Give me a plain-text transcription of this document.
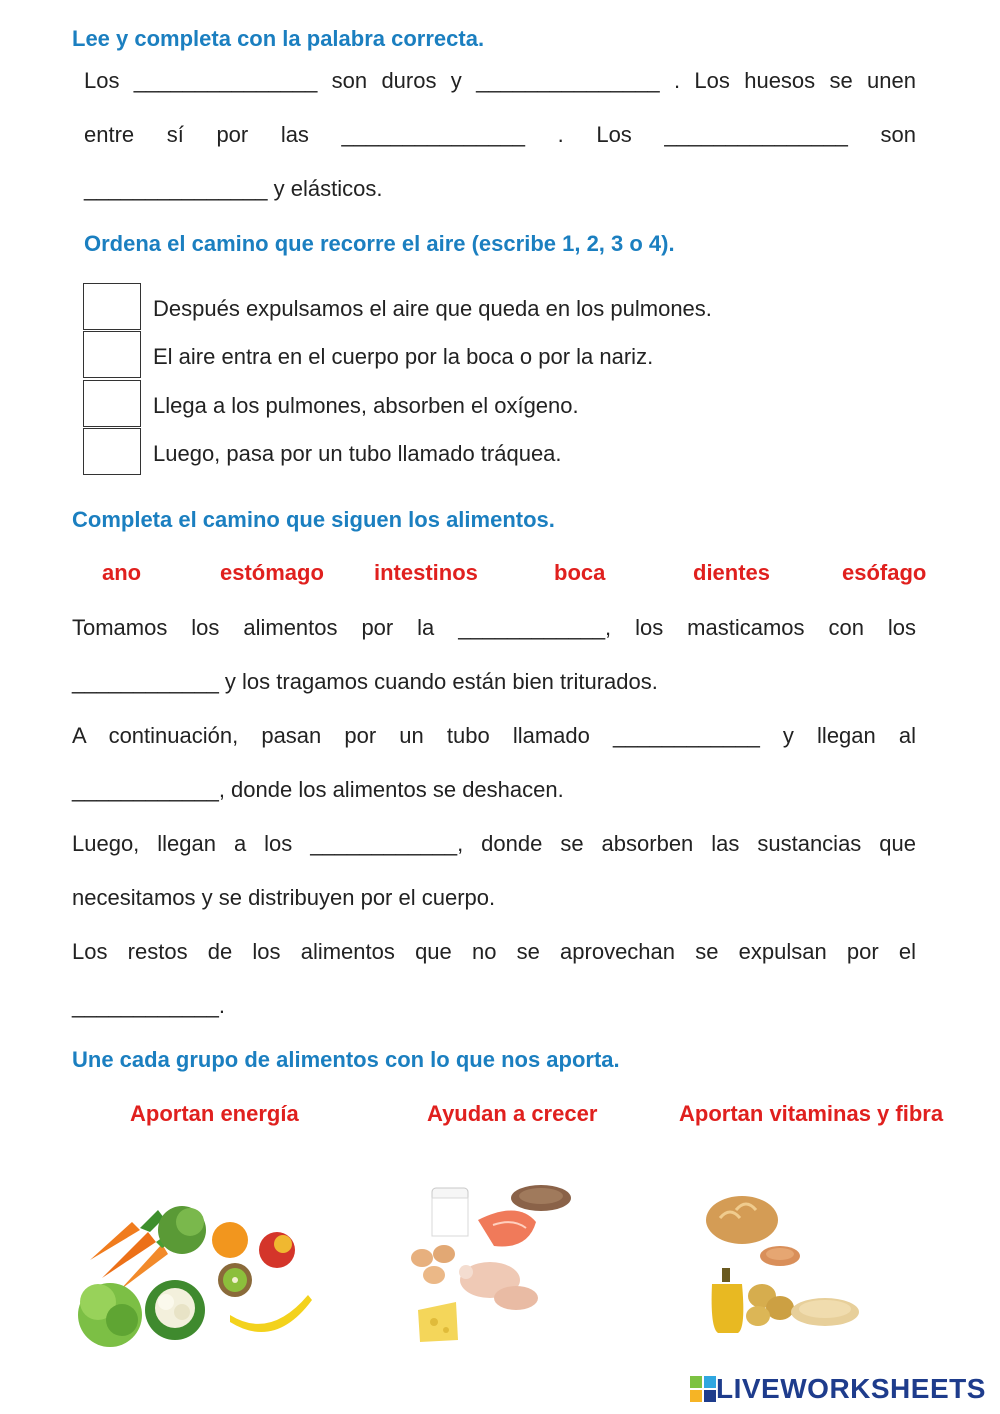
Lee y completa con la palabra correcta.
Los _______________ son duros y _______________ . Los huesos se unen
entre sí por las _______________ . Los _______________ son
_______________ y elásticos.
Ordena el camino que recorre el aire (escribe 1, 2, 3 o 4).
Después expulsamos el aire que queda en los pulmones.
El aire entra en el cuerpo por la boca o por la nariz.
Llega a los pulmones, absorben el oxígeno.
Luego, pasa por un tubo llamado tráquea.
Completa el camino que siguen los alimentos.
ano	estómago intestinos	boca	dientes	esófago
Tomamos los alimentos por la ____________, los masticamos con los
____________ y los tragamos cuando están bien triturados.
A continuación, pasan por un tubo llamado ____________ y llegan al
____________, donde los alimentos se deshacen.
Luego, llegan a los ____________, donde se absorben las sustancias que
necesitamos y se distribuyen por el cuerpo.
Los restos de los alimentos que no se aprovechan se expulsan por el
____________.
Une cada grupo de alimentos con lo que nos aporta.
Aportan energía	Ayudan a crecer	Aportan vitaminas y fibra
LIVEWORKSHEETS
